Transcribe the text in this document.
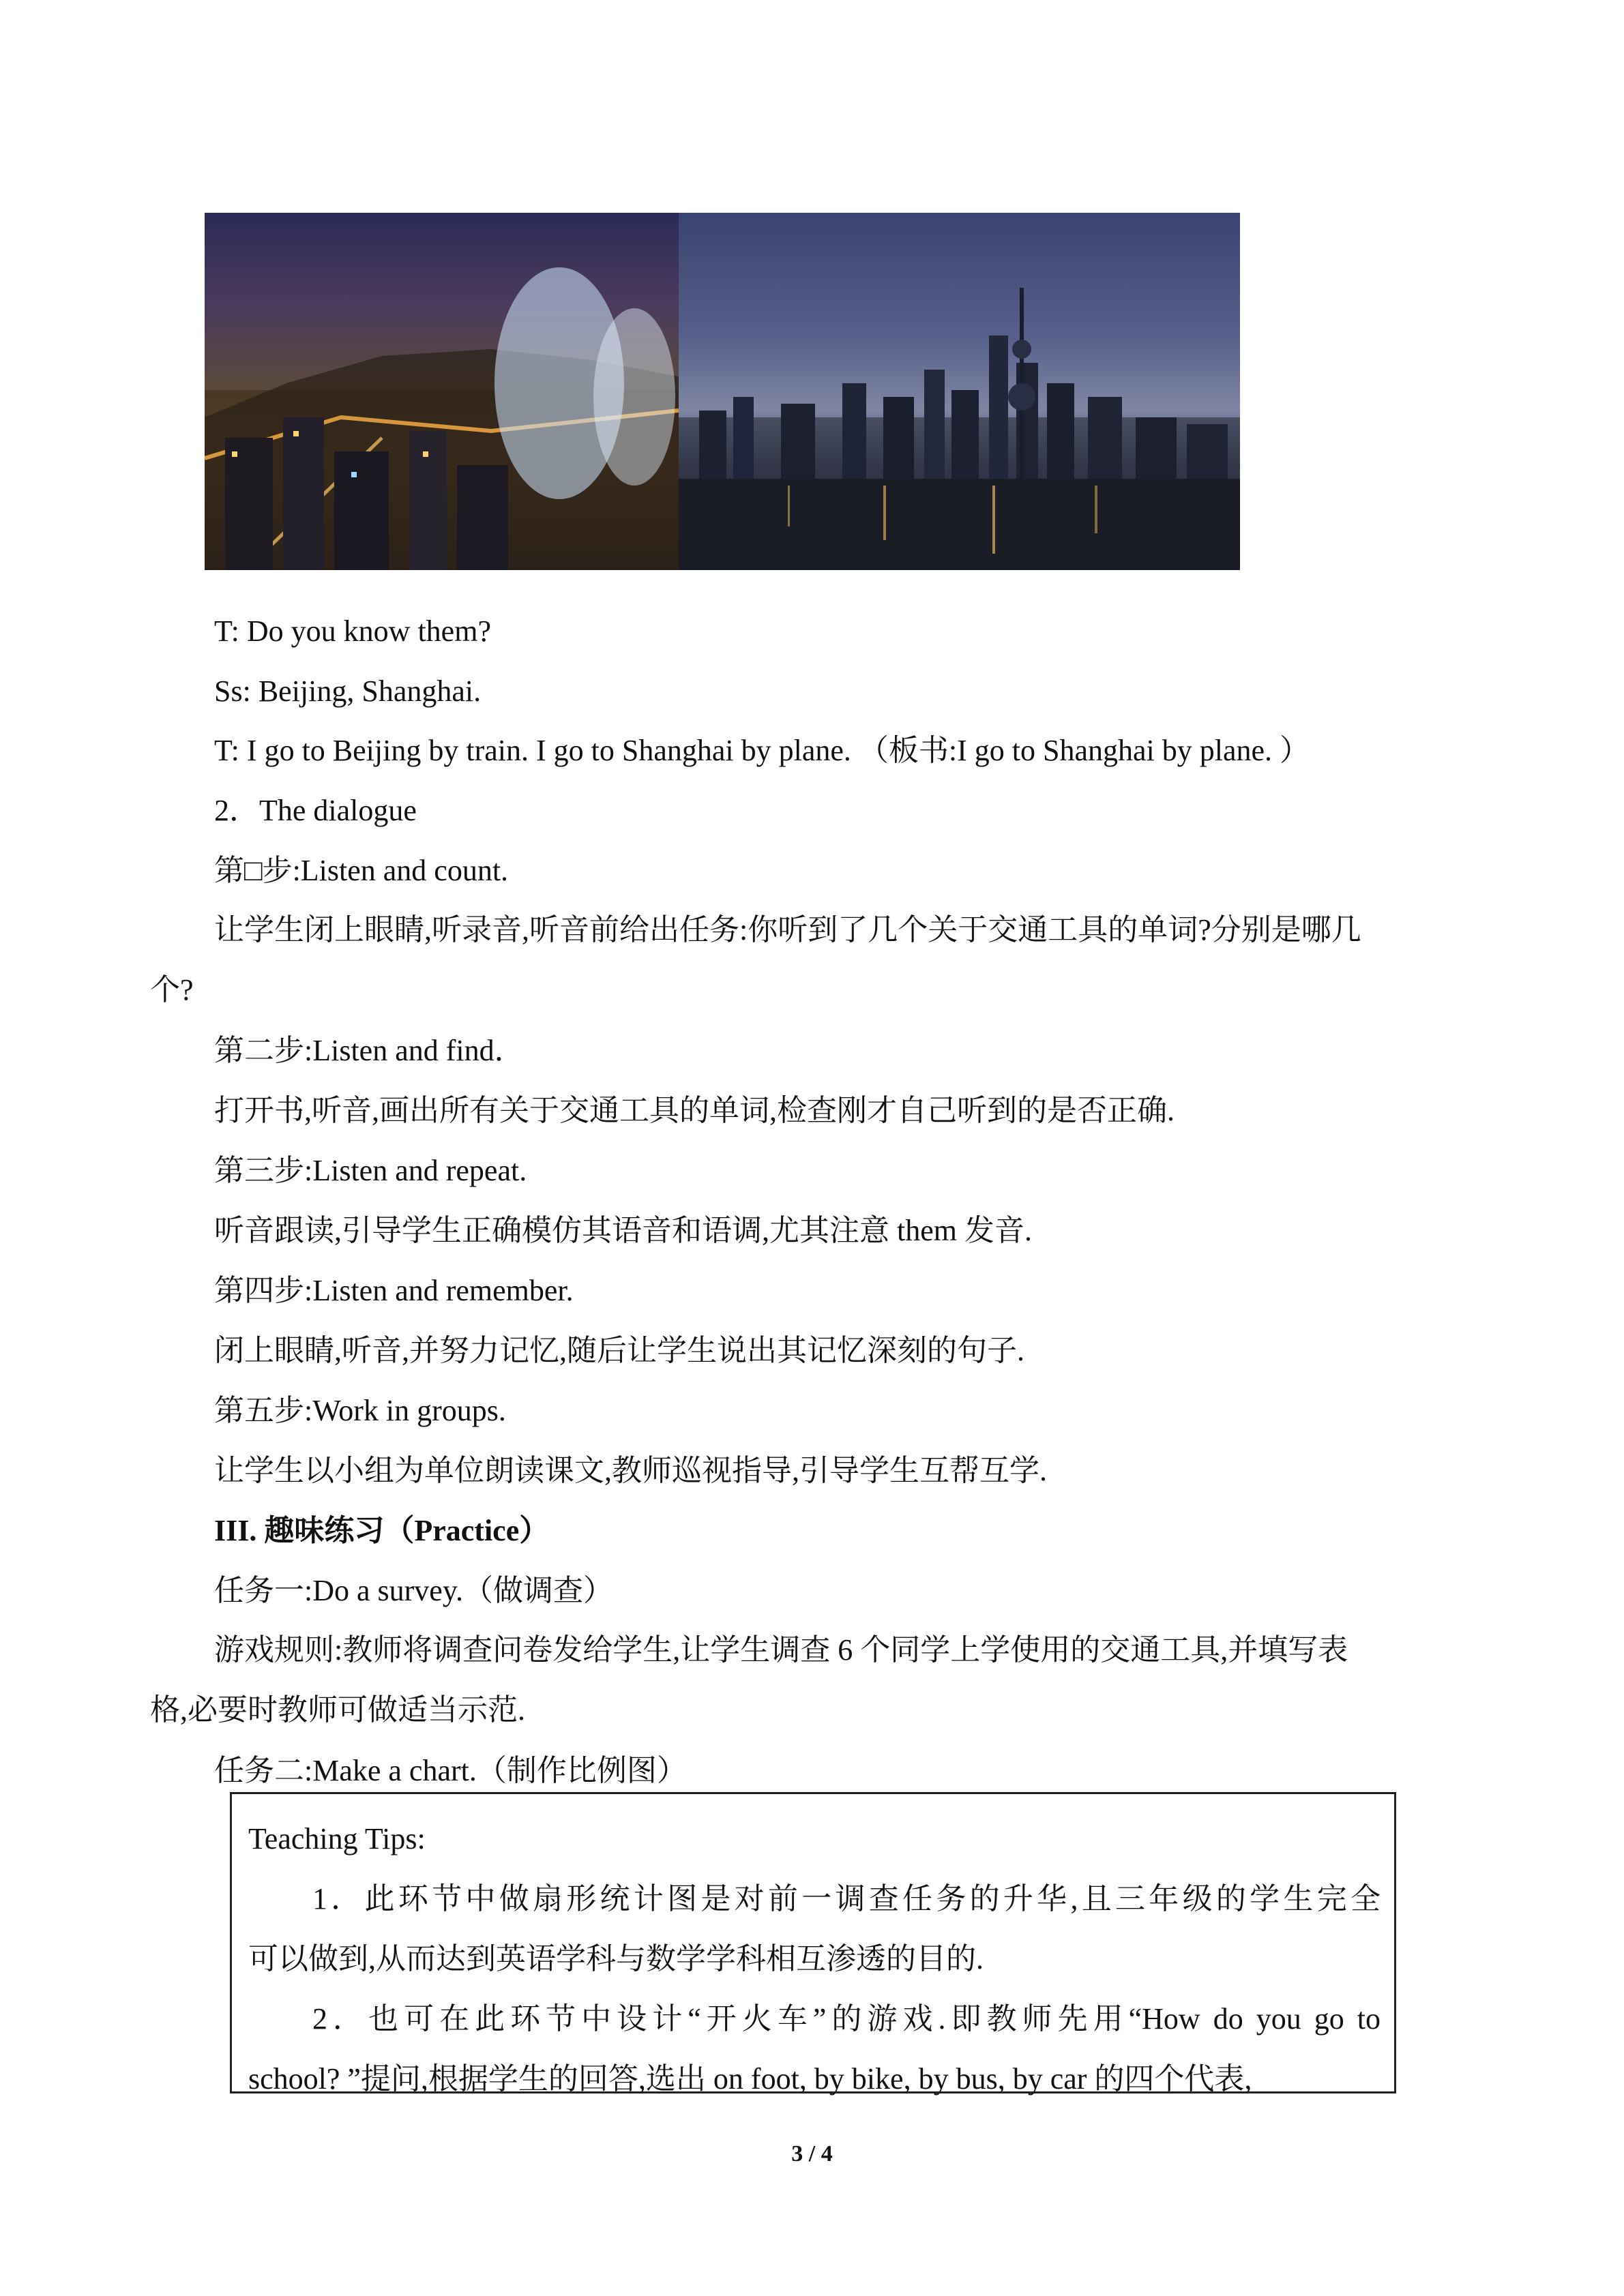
T: Do you know them?
Ss: Beijing, Shanghai.
T: I go to Beijing by train. I go to Shanghai by plane. （板书:I go to Shanghai by plane. ）
2．The dialogue
第□步:Listen and count.
让学生闭上眼睛,听录音,听音前给出任务:你听到了几个关于交通工具的单词?分别是哪几
个?
第二步:Listen and find．
打开书,听音,画出所有关于交通工具的单词,检查刚才自己听到的是否正确.
第三步:Listen and repeat.
听音跟读,引导学生正确模仿其语音和语调,尤其注意 them 发音.
第四步:Listen and remember.
闭上眼睛,听音,并努力记忆,随后让学生说出其记忆深刻的句子.
第五步:Work in groups.
让学生以小组为单位朗读课文,教师巡视指导,引导学生互帮互学.
III. 趣味练习（Practice）
任务一:Do a survey.（做调查）
游戏规则:教师将调查问卷发给学生,让学生调查 6 个同学上学使用的交通工具,并填写表
格,必要时教师可做适当示范.
任务二:Make a chart.（制作比例图）
Teaching Tips:
1．此环节中做扇形统计图是对前一调查任务的升华,且三年级的学生完全
可以做到,从而达到英语学科与数学学科相互渗透的目的.
2．也可在此环节中设计“开火车”的游戏.即教师先用“How do you go to
school? ”提问,根据学生的回答,选出 on foot, by bike, by bus, by car 的四个代表,
3 / 4
